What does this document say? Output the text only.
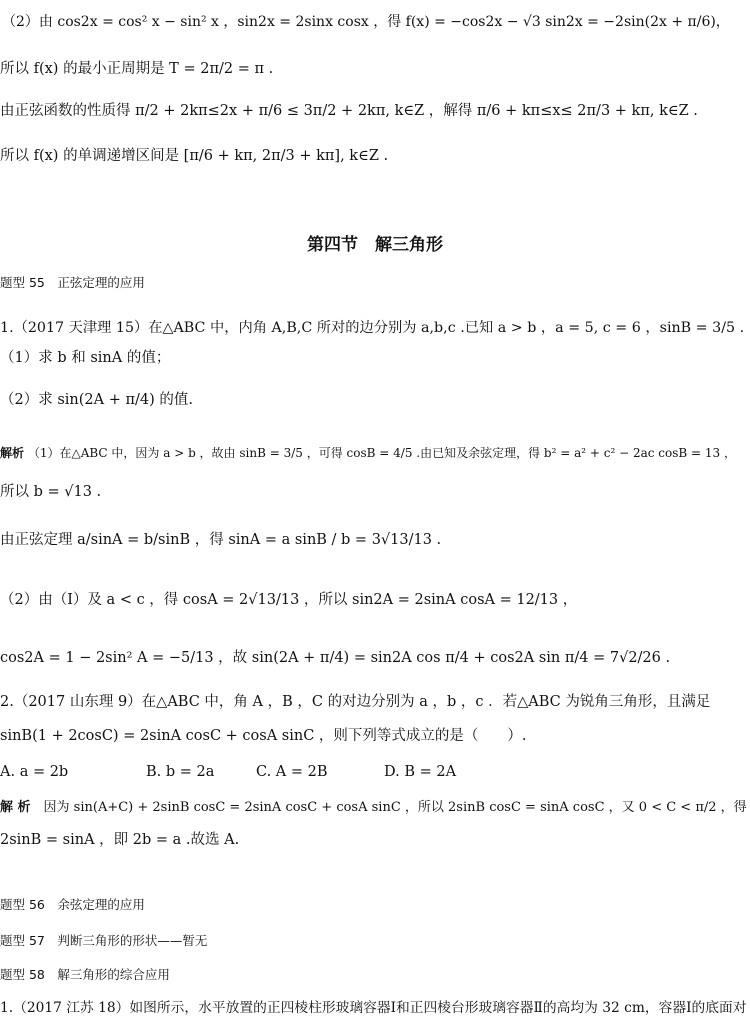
（2）由 cos2x = cos² x − sin² x ，sin2x = 2sinx cosx ，得 f(x) = −cos2x − √3 sin2x = −2sin(2x + π/6)，
所以 f(x) 的最小正周期是 T = 2π/2 = π .
由正弦函数的性质得 π/2 + 2kπ≤2x + π/6 ≤ 3π/2 + 2kπ, k∈Z ，解得 π/6 + kπ≤x≤ 2π/3 + kπ, k∈Z .
所以 f(x) 的单调递增区间是 [π/6 + kπ, 2π/3 + kπ], k∈Z .
第四节　解三角形
题型 55　正弦定理的应用
1.（2017 天津理 15）在△ABC 中，内角 A,B,C 所对的边分别为 a,b,c .已知 a > b ，a = 5, c = 6 ，sinB = 3/5 .
（1）求 b 和 sinA 的值；
（2）求 sin(2A + π/4) 的值.
解析 （1）在△ABC 中，因为 a > b ，故由 sinB = 3/5 ，可得 cosB = 4/5 .由已知及余弦定理，得 b² = a² + c² − 2ac cosB = 13 ，
所以 b = √13 .
由正弦定理 a/sinA = b/sinB ，得 sinA = a sinB / b = 3√13/13 .
（2）由（Ⅰ）及 a < c ，得 cosA = 2√13/13 ，所以 sin2A = 2sinA cosA = 12/13 ，
cos2A = 1 − 2sin² A = −5/13 ，故 sin(2A + π/4) = sin2A cos π/4 + cos2A sin π/4 = 7√2/26 .
2.（2017 山东理 9）在△ABC 中，角 A ，B ，C 的对边分别为 a ，b ，c ．若△ABC 为锐角三角形，且满足
sinB(1 + 2cosC) = 2sinA cosC + cosA sinC ，则下列等式成立的是（　　）.
A. a = 2b	B. b = 2a	C. A = 2B	D. B = 2A
解 析　 因为 sin(A+C) + 2sinB cosC = 2sinA cosC + cosA sinC ，所以 2sinB cosC = sinA cosC ，又 0 < C < π/2 ，得
2sinB = sinA ，即 2b = a .故选 A.
题型 56　余弦定理的应用
题型 57　判断三角形的形状——暂无
题型 58　解三角形的综合应用
1.（2017 江苏 18）如图所示，水平放置的正四棱柱形玻璃容器Ⅰ和正四棱台形玻璃容器Ⅱ的高均为 32 cm，容器Ⅰ的底面对
